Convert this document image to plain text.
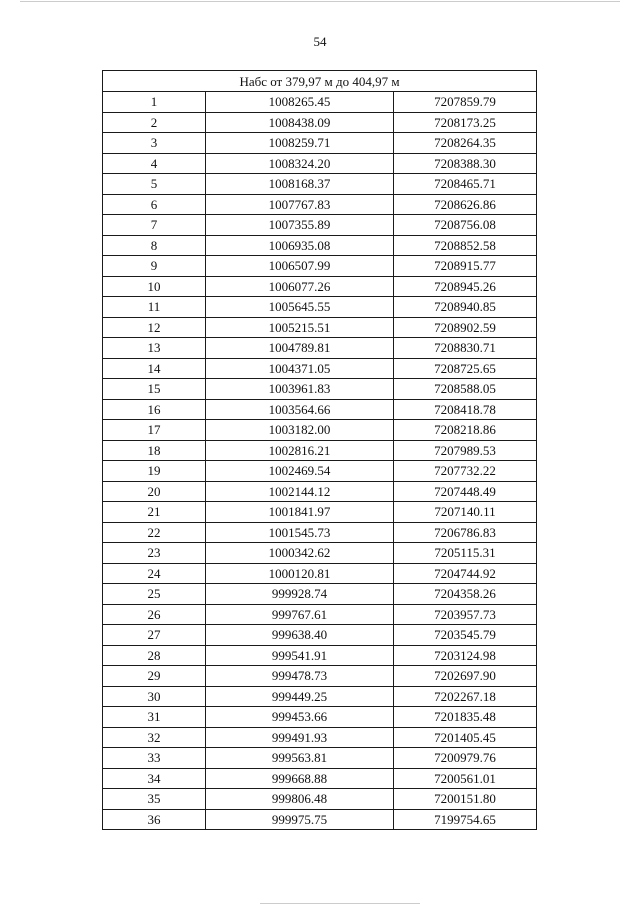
54
Набс от 379,97 м до 404,97 м		
1	1008265.45	7207859.79
2	1008438.09	7208173.25
3	1008259.71	7208264.35
4	1008324.20	7208388.30
5	1008168.37	7208465.71
6	1007767.83	7208626.86
7	1007355.89	7208756.08
8	1006935.08	7208852.58
9	1006507.99	7208915.77
10	1006077.26	7208945.26
11	1005645.55	7208940.85
12	1005215.51	7208902.59
13	1004789.81	7208830.71
14	1004371.05	7208725.65
15	1003961.83	7208588.05
16	1003564.66	7208418.78
17	1003182.00	7208218.86
18	1002816.21	7207989.53
19	1002469.54	7207732.22
20	1002144.12	7207448.49
21	1001841.97	7207140.11
22	1001545.73	7206786.83
23	1000342.62	7205115.31
24	1000120.81	7204744.92
25	999928.74	7204358.26
26	999767.61	7203957.73
27	999638.40	7203545.79
28	999541.91	7203124.98
29	999478.73	7202697.90
30	999449.25	7202267.18
31	999453.66	7201835.48
32	999491.93	7201405.45
33	999563.81	7200979.76
34	999668.88	7200561.01
35	999806.48	7200151.80
36	999975.75	7199754.65
